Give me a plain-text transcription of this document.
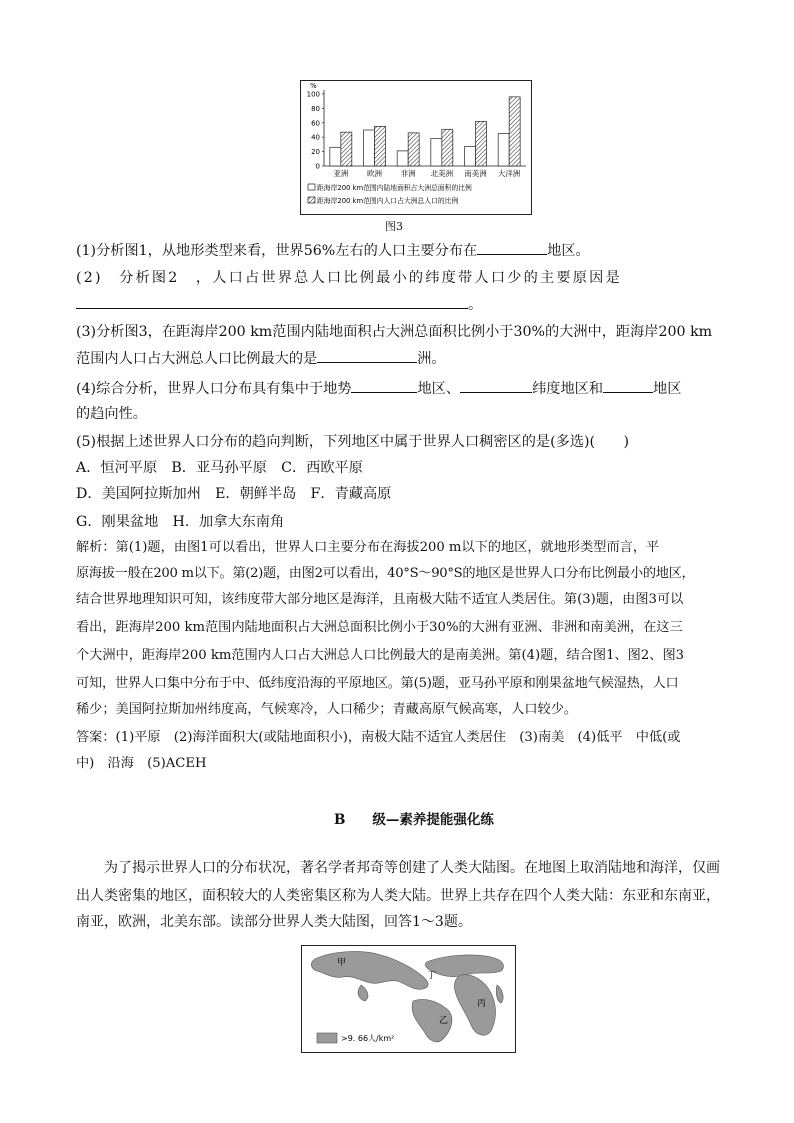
%
0
20
40
60
80
100
亚洲 欧洲 非洲 北美洲 南美洲 大洋洲
距海岸200 km范围内陆地面积占大洲总面积的比例
距海岸200 km范围内人口占大洲总人口的比例
图3
(1)分析图1，从地形类型来看，世界56%左右的人口主要分布在	地区。
(2)　分析图2　，人口占世界总人口比例最小的纬度带人口少的主要原因是
。
(3)分析图3，在距海岸200 km范围内陆地面积占大洲总面积比例小于30%的大洲中，距海岸200 km
范围内人口占大洲总人口比例最大的是	洲。
(4)综合分析，世界人口分布具有集中于地势	地区、	纬度地区和	地区
的趋向性。
(5)根据上述世界人口分布的趋向判断，下列地区中属于世界人口稠密区的是(多选)(　　)
A．恒河平原　B．亚马孙平原　C．西欧平原
D．美国阿拉斯加州　E．朝鲜半岛　F．青藏高原
G．刚果盆地　H．加拿大东南角
解析：第(1)题，由图1可以看出，世界人口主要分布在海拔200 m以下的地区，就地形类型而言，平
原海拔一般在200 m以下。第(2)题，由图2可以看出，40°S～90°S的地区是世界人口分布比例最小的地区，
结合世界地理知识可知，该纬度带大部分地区是海洋，且南极大陆不适宜人类居住。第(3)题，由图3可以
看出，距海岸200 km范围内陆地面积占大洲总面积比例小于30%的大洲有亚洲、非洲和南美洲，在这三
个大洲中，距海岸200 km范围内人口占大洲总人口比例最大的是南美洲。第(4)题，结合图1、图2、图3
可知，世界人口集中分布于中、低纬度沿海的平原地区。第(5)题，亚马孙平原和刚果盆地气候湿热，人口
稀少；美国阿拉斯加州纬度高，气候寒冷，人口稀少；青藏高原气候高寒，人口较少。
答案：(1)平原　(2)海洋面积大(或陆地面积小)，南极大陆不适宜人类居住　(3)南美　(4)低平　中低(或
中)　沿海　(5)ACEH
B　　级—素养提能强化练
为了揭示世界人口的分布状况，著名学者邦奇等创建了人类大陆图。在地图上取消陆地和海洋，仅画
出人类密集的地区，面积较大的人类密集区称为人类大陆。世界上共存在四个人类大陆：东亚和东南亚，
南亚，欧洲，北美东部。读部分世界人类大陆图，回答1～3题。
甲
丁
乙
丙
>9. 66人/km²
